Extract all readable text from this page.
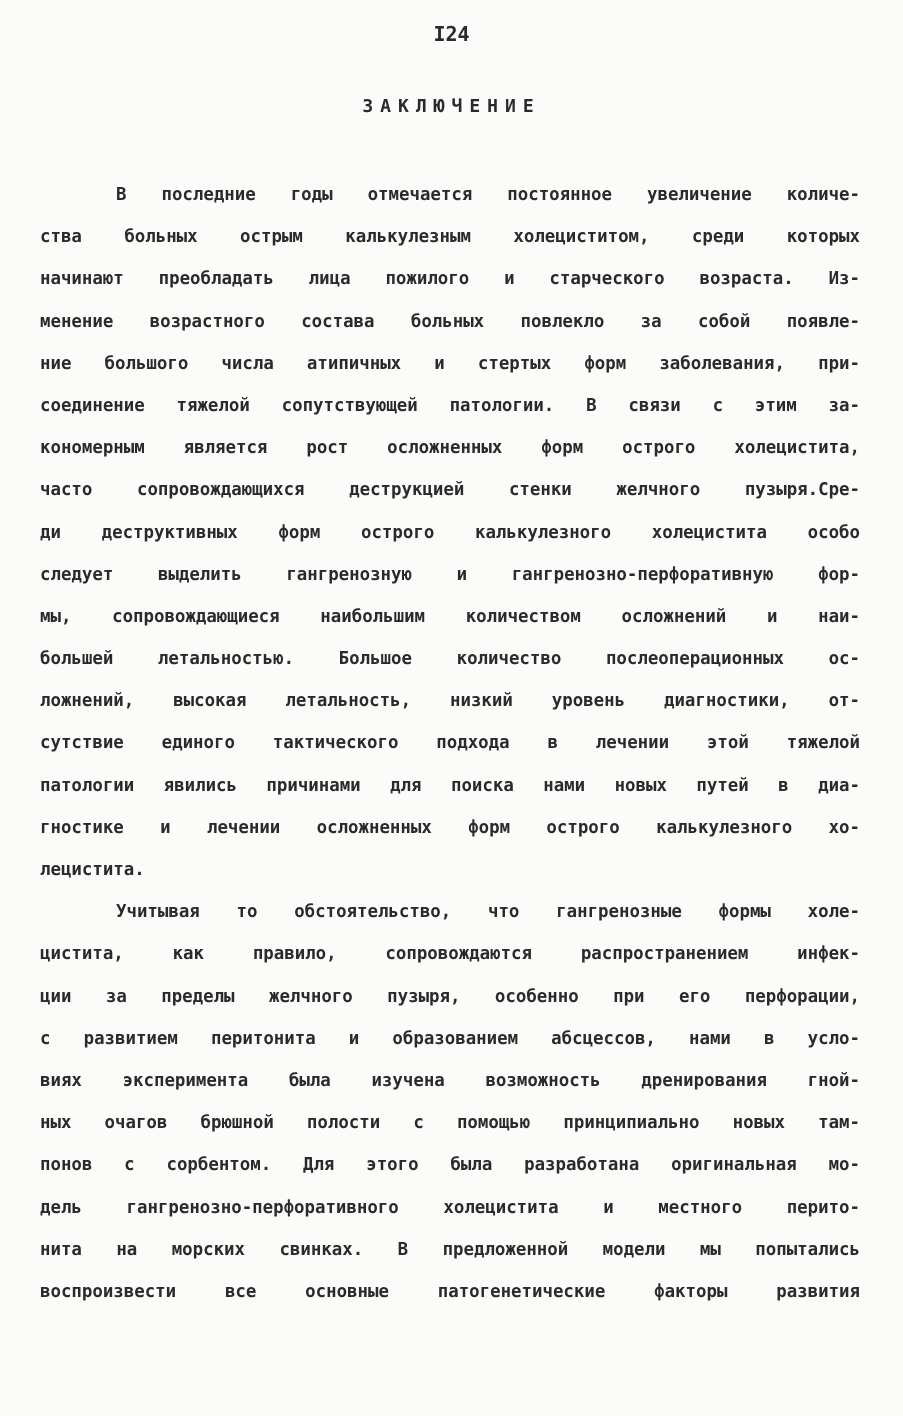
I24
ЗАКЛЮЧЕНИЕ
В последние годы отмечается постоянное увеличение количе-
ства больных острым калькулезным холециститом, среди которых
начинают преобладать лица пожилого и старческого возраста. Из-
менение возрастного состава больных повлекло за собой появле-
ние большого числа атипичных и стертых форм заболевания, при-
соединение тяжелой сопутствующей патологии. В связи с этим за-
кономерным является рост осложненных форм острого холецистита,
часто сопровождающихся деструкцией стенки желчного пузыря.Сре-
ди деструктивных форм острого калькулезного холецистита особо
следует выделить гангренозную и гангренозно-перфоративную фор-
мы, сопровождающиеся наибольшим количеством осложнений и наи-
большей летальностью. Большое количество послеоперационных ос-
ложнений, высокая летальность, низкий уровень диагностики, от-
сутствие единого тактического подхода в лечении этой тяжелой
патологии явились причинами для поиска нами новых путей в диа-
гностике и лечении осложненных форм острого калькулезного хо-
лецистита.
Учитывая то обстоятельство, что гангренозные формы холе-
цистита, как правило, сопровождаются распространением инфек-
ции за пределы желчного пузыря, особенно при его перфорации,
с развитием перитонита и образованием абсцессов, нами в усло-
виях эксперимента была изучена возможность дренирования гной-
ных очагов брюшной полости с помощью принципиально новых там-
понов с сорбентом. Для этого была разработана оригинальная мо-
дель гангренозно-перфоративного холецистита и местного перито-
нита на морских свинках. В предложенной модели мы попытались
воспроизвести все основные патогенетические факторы развития
